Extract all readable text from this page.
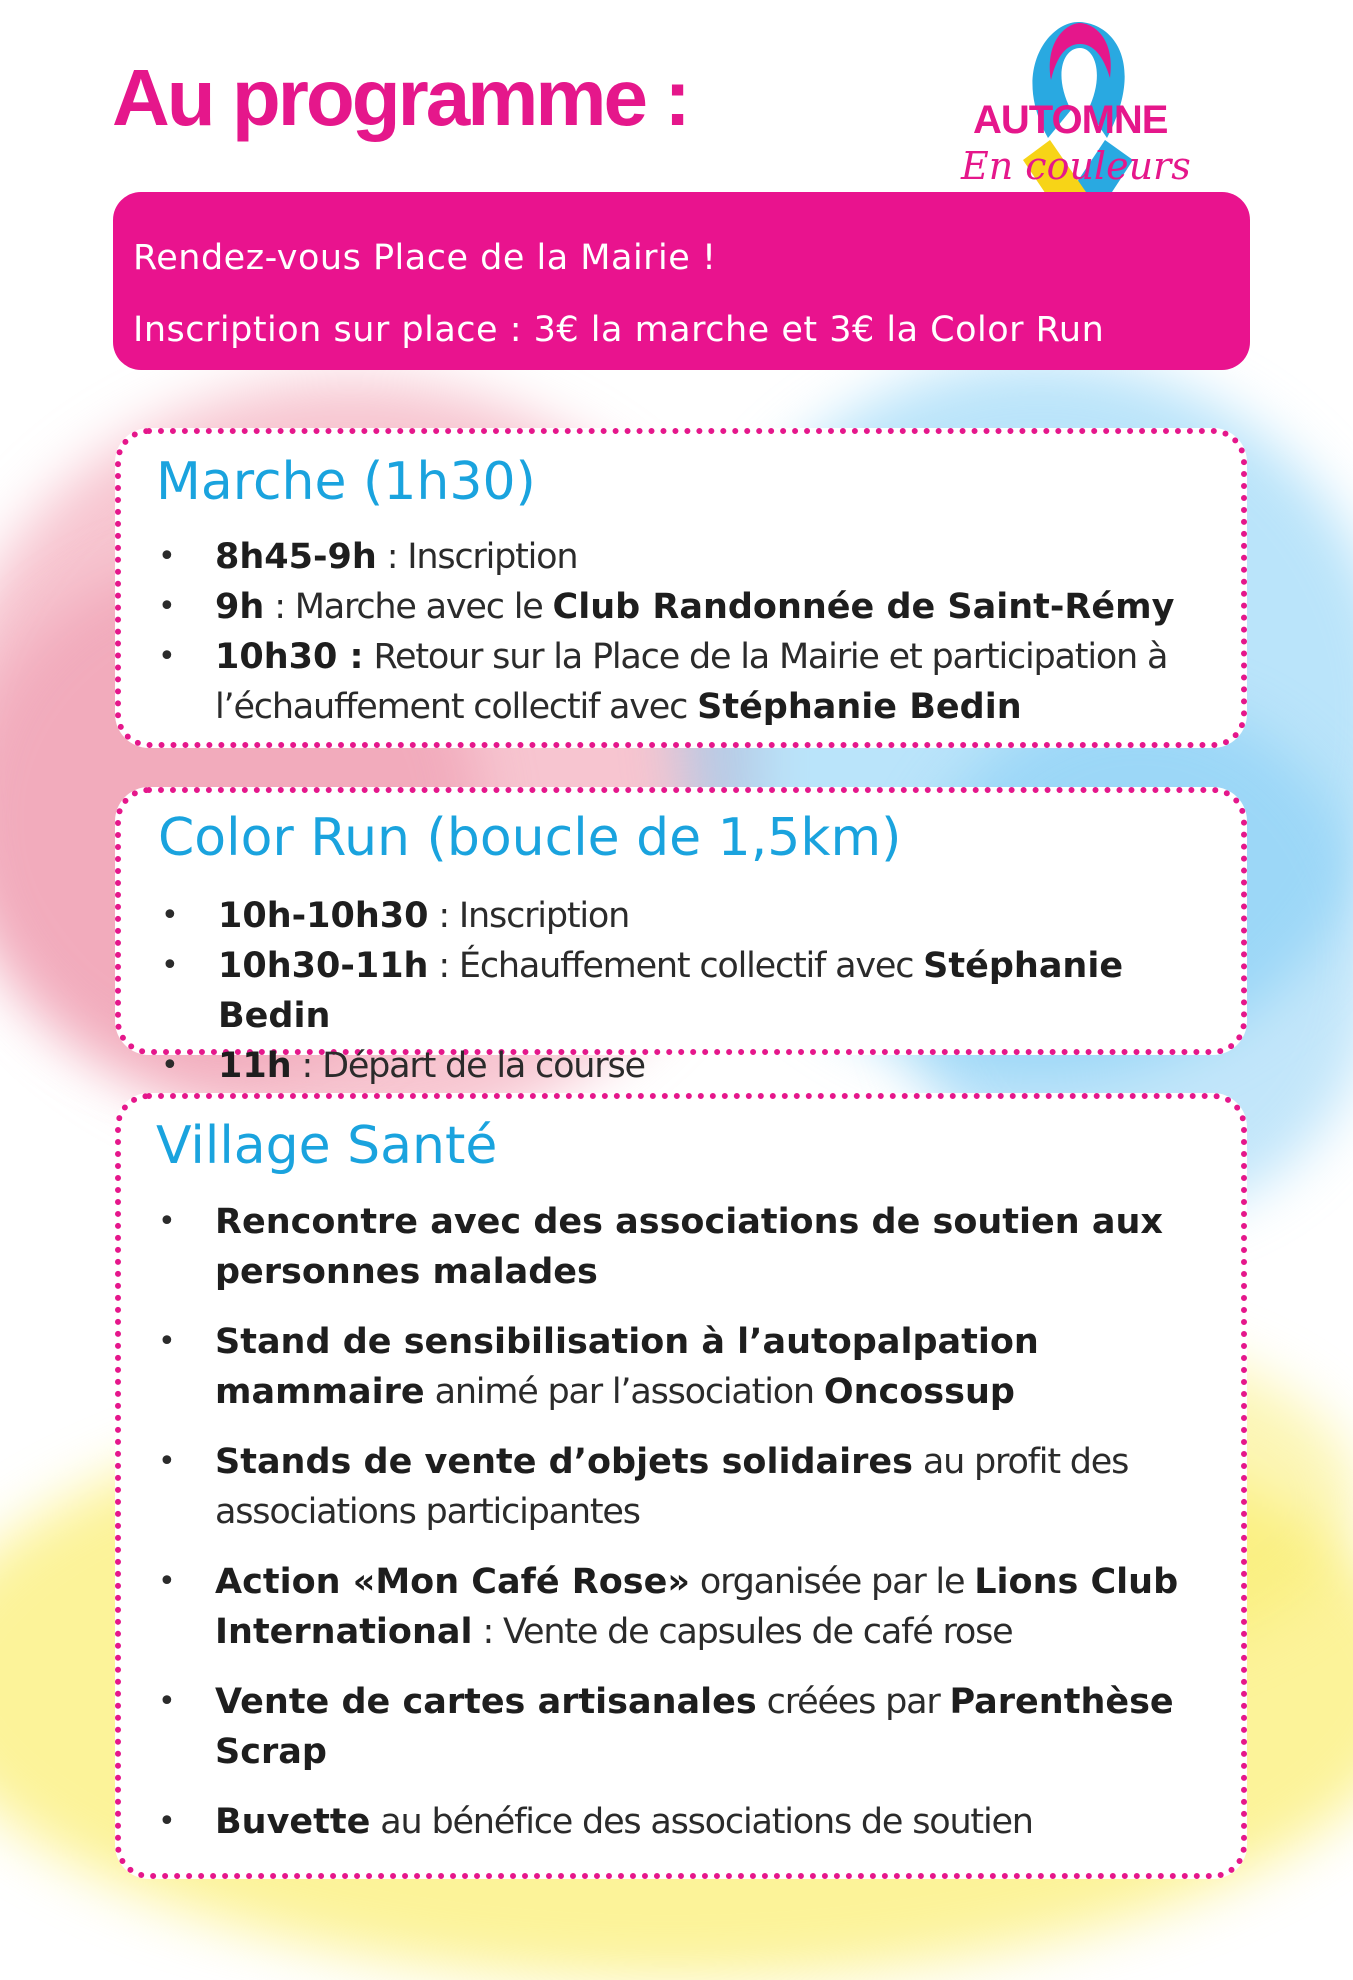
Au programme :	AUTOMNE
En couleurs
Rendez-vous Place de la Mairie !
Inscription sur place : 3€ la marche et 3€ la Color Run
Marche (1h30)
• 8h45-9h : Inscription
• 9h : Marche avec le Club Randonnée de Saint-Rémy
• 10h30 : Retour sur la Place de la Mairie et participation à l’échauffement collectif avec Stéphanie Bedin
Color Run (boucle de 1,5km)
• 10h-10h30 : Inscription
• 10h30-11h : Échauffement collectif avec Stéphanie Bedin
• 11h : Départ de la course
Village Santé
• Rencontre avec des associations de soutien aux personnes malades
• Stand de sensibilisation à l’autopalpation mammaire animé par l’association Oncossup
• Stands de vente d’objets solidaires au profit des associations participantes
• Action «Mon Café Rose» organisée par le Lions Club International : Vente de capsules de café rose
• Vente de cartes artisanales créées par Parenthèse Scrap
• Buvette au bénéfice des associations de soutien
